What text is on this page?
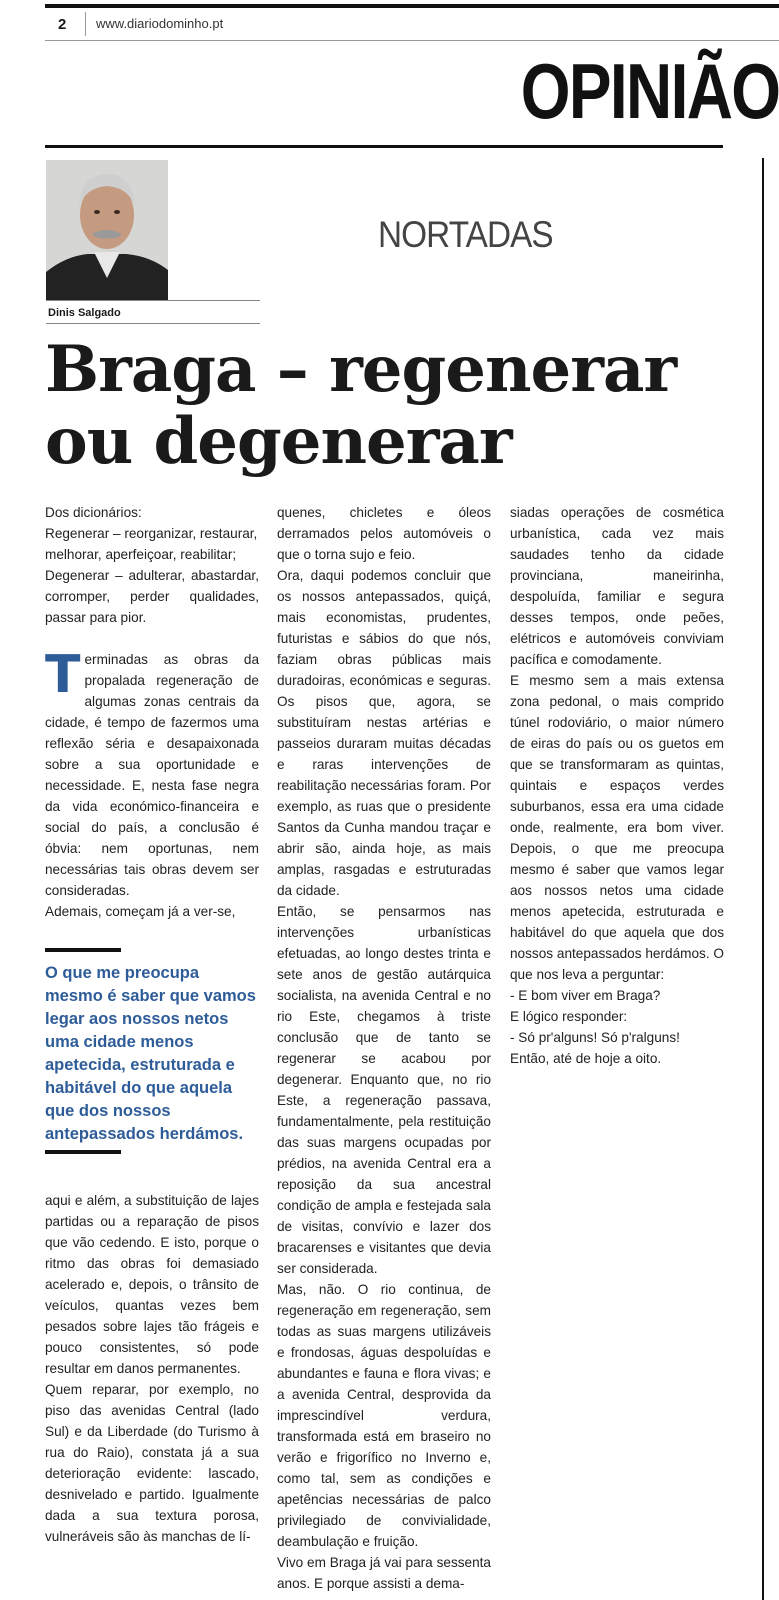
2 www.diariodominho.pt
OPINIÃO
Dinis Salgado
NORTADAS
Braga – regenerar
ou degenerar

Dos dicionários:

Regenerar – reorganizar, restaurar, melhorar, aperfeiçoar, reabilitar;

Degenerar – adulterar, abastardar, corromper, perder qualidades, passar para pior.

Terminadas as obras da propalada regeneração de algumas zonas centrais da cidade, é tempo de fazermos uma reflexão séria e desapaixonada sobre a sua oportunidade e necessidade. E, nesta fase negra da vida económico-financeira e social do país, a conclusão é óbvia: nem oportunas, nem necessárias tais obras devem ser consideradas.

Ademais, começam já a ver-se,

O que me preocupa mesmo é saber que vamos legar aos nossos netos uma cidade menos apetecida, estruturada e habitável do que aquela que dos nossos antepassados herdámos.

aqui e além, a substituição de lajes partidas ou a reparação de pisos que vão cedendo. E isto, porque o ritmo das obras foi demasiado acelerado e, depois, o trânsito de veículos, quantas vezes bem pesados sobre lajes tão frágeis e pouco consistentes, só pode resultar em danos permanentes.

Quem reparar, por exemplo, no piso das avenidas Central (lado Sul) e da Liberdade (do Turismo à rua do Raio), constata já a sua deterioração evidente: lascado, desnivelado e partido. Igualmente dada a sua textura porosa, vulneráveis são às manchas de lí-

quenes, chicletes e óleos derramados pelos automóveis o que o torna sujo e feio.

Ora, daqui podemos concluir que os nossos antepassados, quiçá, mais economistas, prudentes, futuristas e sábios do que nós, faziam obras públicas mais duradoiras, económicas e seguras. Os pisos que, agora, se substituíram nestas artérias e passeios duraram muitas décadas e raras intervenções de reabilitação necessárias foram. Por exemplo, as ruas que o presidente Santos da Cunha mandou traçar e abrir são, ainda hoje, as mais amplas, rasgadas e estruturadas da cidade.

Então, se pensarmos nas intervenções urbanísticas efetuadas, ao longo destes trinta e sete anos de gestão autárquica socialista, na avenida Central e no rio Este, chegamos à triste conclusão que de tanto se regenerar se acabou por degenerar. Enquanto que, no rio Este, a regeneração passava, fundamentalmente, pela restituição das suas margens ocupadas por prédios, na avenida Central era a reposição da sua ancestral condição de ampla e festejada sala de visitas, convívio e lazer dos bracarenses e visitantes que devia ser considerada.

Mas, não. O rio continua, de regeneração em regeneração, sem todas as suas margens utilizáveis e frondosas, águas despoluídas e abundantes e fauna e flora vivas; e a avenida Central, desprovida da imprescindível verdura, transformada está em braseiro no verão e frigorífico no Inverno e, como tal, sem as condições e apetências necessárias de palco privilegiado de convivialidade, deambulação e fruição.

Vivo em Braga já vai para sessenta anos. E porque assisti a dema-

siadas operações de cosmética urbanística, cada vez mais saudades tenho da cidade provinciana, maneirinha, despoluída, familiar e segura desses tempos, onde peões, elétricos e automóveis conviviam pacífica e comodamente.

E mesmo sem a mais extensa zona pedonal, o mais comprido túnel rodoviário, o maior número de eiras do país ou os guetos em que se transformaram as quintas, quintais e espaços verdes suburbanos, essa era uma cidade onde, realmente, era bom viver. Depois, o que me preocupa mesmo é saber que vamos legar aos nossos netos uma cidade menos apetecida, estruturada e habitável do que aquela que dos nossos antepassados herdámos. O que nos leva a perguntar:

- E bom viver em Braga?

E lógico responder:

- Só pr'alguns! Só p'ralguns!

Então, até de hoje a oito.
